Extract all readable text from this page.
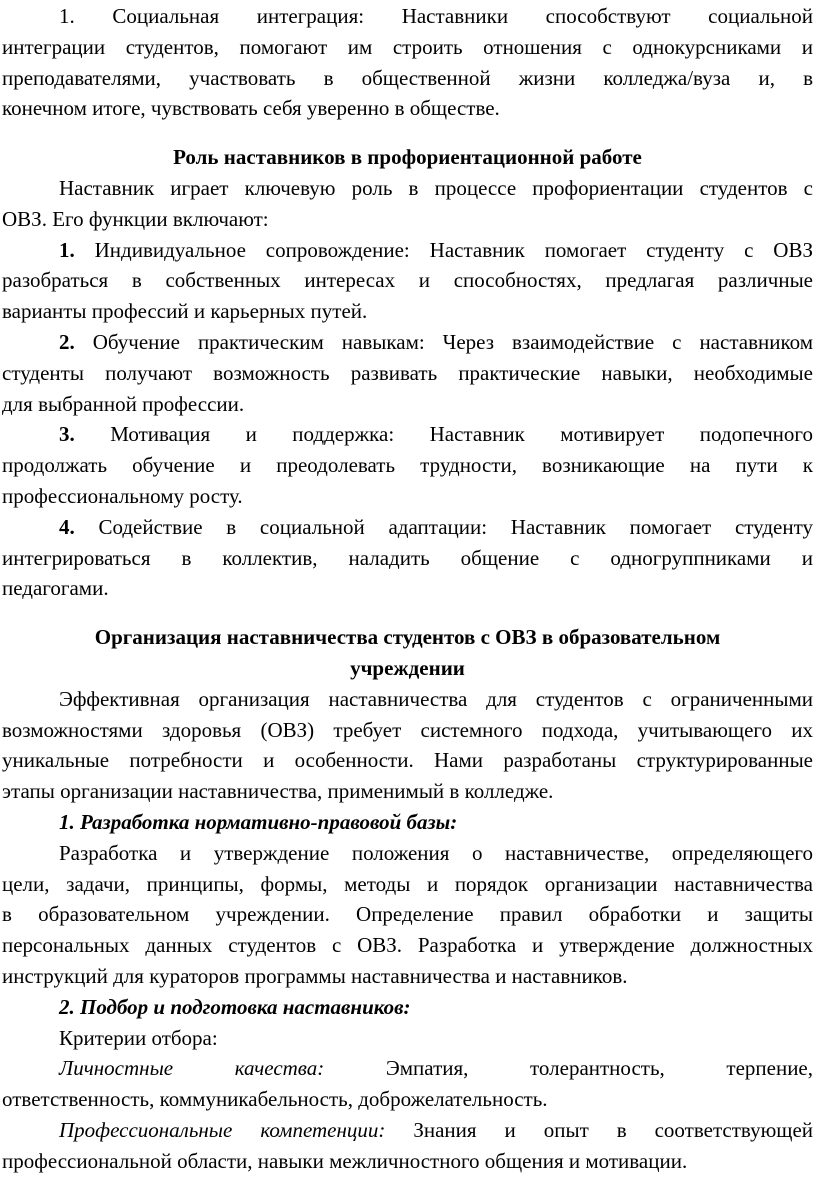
1. Социальная интеграция: Наставники способствуют социальной
интеграции студентов, помогают им строить отношения с однокурсниками и
преподавателями, участвовать в общественной жизни колледжа/вуза и, в
конечном итоге, чувствовать себя уверенно в обществе.
Роль наставников в профориентационной работе
Наставник играет ключевую роль в процессе профориентации студентов с
ОВЗ. Его функции включают:
1. Индивидуальное сопровождение: Наставник помогает студенту с ОВЗ
разобраться в собственных интересах и способностях, предлагая различные
варианты профессий и карьерных путей.
2. Обучение практическим навыкам: Через взаимодействие с наставником
студенты получают возможность развивать практические навыки, необходимые
для выбранной профессии.
3. Мотивация и поддержка: Наставник мотивирует подопечного
продолжать обучение и преодолевать трудности, возникающие на пути к
профессиональному росту.
4. Содействие в социальной адаптации: Наставник помогает студенту
интегрироваться в коллектив, наладить общение с одногруппниками и
педагогами.
Организация наставничества студентов с ОВЗ в образовательном
учреждении
Эффективная организация наставничества для студентов с ограниченными
возможностями здоровья (ОВЗ) требует системного подхода, учитывающего их
уникальные потребности и особенности. Нами разработаны структурированные
этапы организации наставничества, применимый в колледже.
1. Разработка нормативно-правовой базы:
Разработка и утверждение положения о наставничестве, определяющего
цели, задачи, принципы, формы, методы и порядок организации наставничества
в образовательном учреждении. Определение правил обработки и защиты
персональных данных студентов с ОВЗ. Разработка и утверждение должностных
инструкций для кураторов программы наставничества и наставников.
2. Подбор и подготовка наставников:
Критерии отбора:
Личностные качества: Эмпатия, толерантность, терпение,
ответственность, коммуникабельность, доброжелательность.
Профессиональные компетенции: Знания и опыт в соответствующей
профессиональной области, навыки межличностного общения и мотивации.
